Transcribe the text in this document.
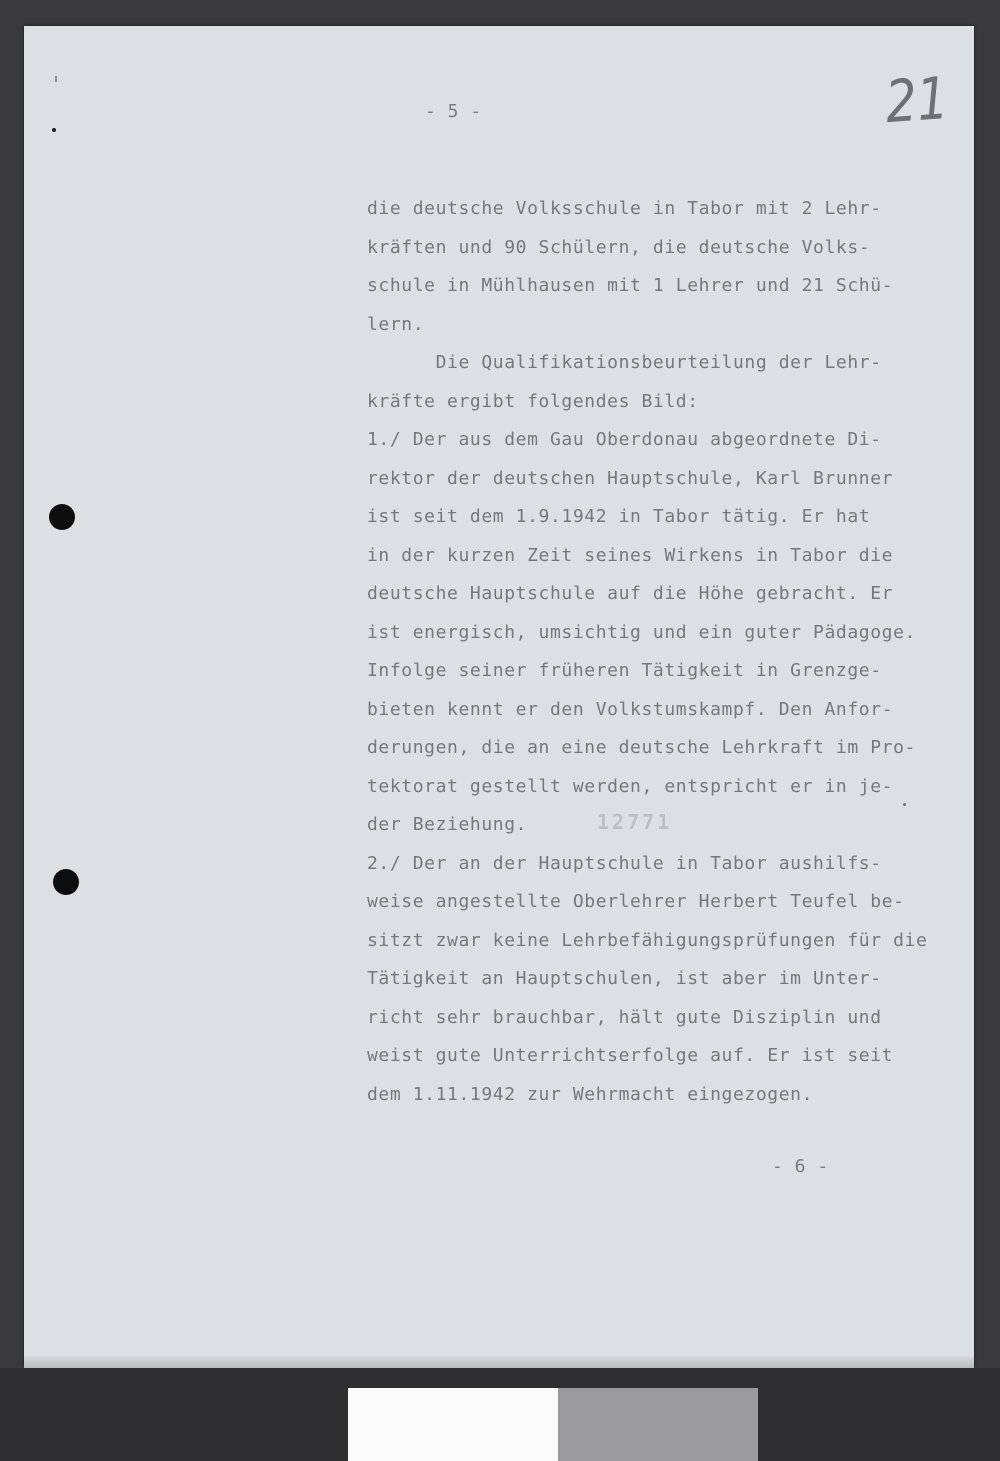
- 5 -	21
die deutsche Volksschule in Tabor mit 2 Lehr-
kräften und 90 Schülern, die deutsche Volks-
schule in Mühlhausen mit 1 Lehrer und 21 Schü-
lern.
Die Qualifikationsbeurteilung der Lehr-
kräfte ergibt folgendes Bild:
1./ Der aus dem Gau Oberdonau abgeordnete Di-
rektor der deutschen Hauptschule, Karl Brunner
ist seit dem 1.9.1942 in Tabor tätig. Er hat
in der kurzen Zeit seines Wirkens in Tabor die
deutsche Hauptschule auf die Höhe gebracht. Er
ist energisch, umsichtig und ein guter Pädagoge.
Infolge seiner früheren Tätigkeit in Grenzge-
bieten kennt er den Volkstumskampf. Den Anfor-
derungen, die an eine deutsche Lehrkraft im Pro-
tektorat gestellt werden, entspricht er in je-
der Beziehung.
2./ Der an der Hauptschule in Tabor aushilfs-
weise angestellte Oberlehrer Herbert Teufel be-
sitzt zwar keine Lehrbefähigungsprüfungen für die
Tätigkeit an Hauptschulen, ist aber im Unter-
richt sehr brauchbar, hält gute Disziplin und
weist gute Unterrichtserfolge auf. Er ist seit
dem 1.11.1942 zur Wehrmacht eingezogen.
12771
- 6 -
